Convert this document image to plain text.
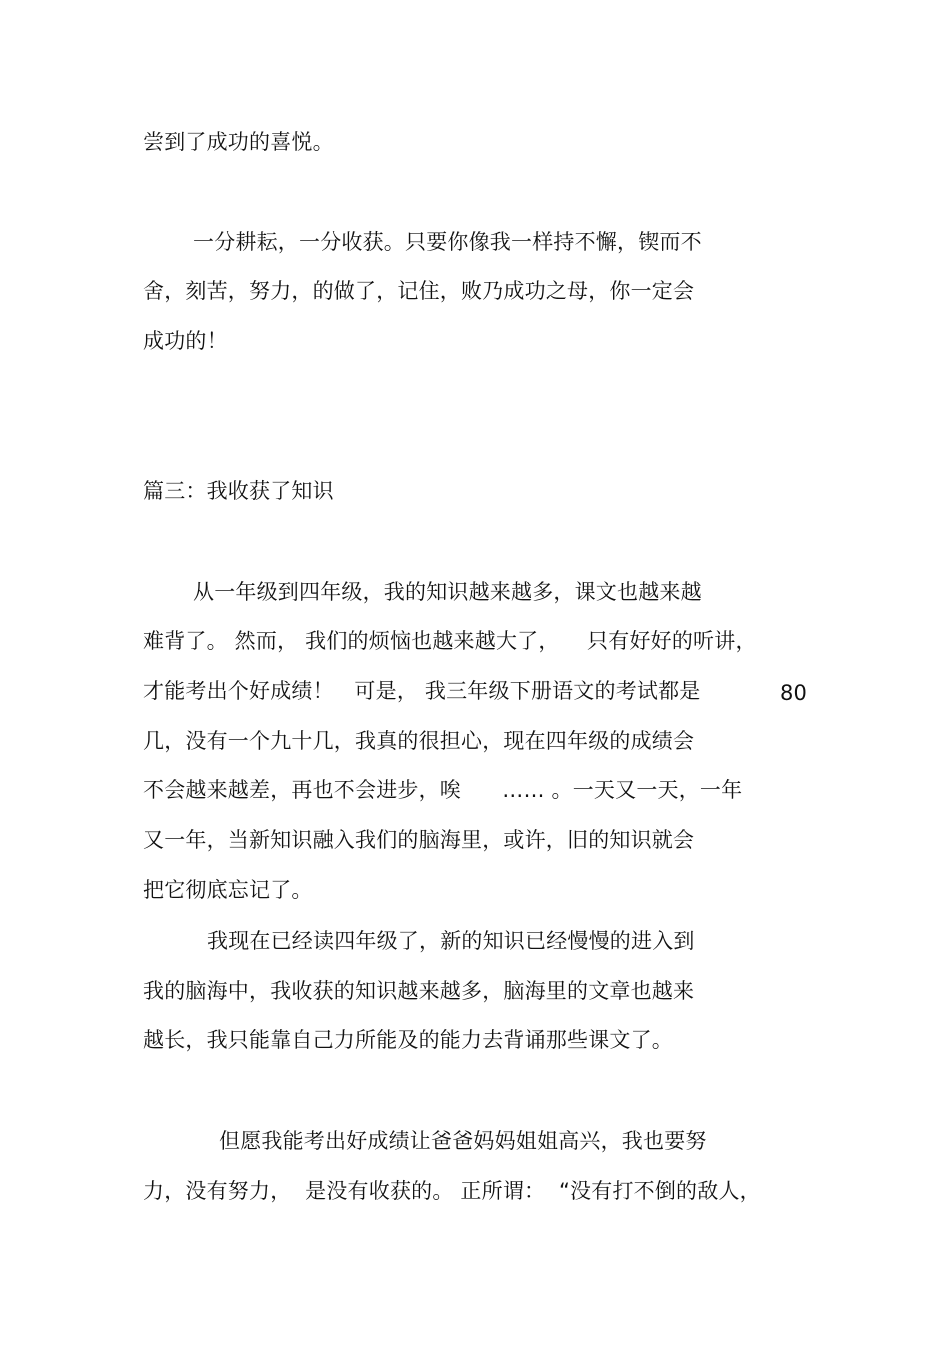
尝到了成功的喜悦。

一分耕耘，一分收获。只要你像我一样持不懈，锲而不

舍，刻苦，努力，的做了，记住，败乃成功之母，你一定会

成功的！

篇三：我收获了知识

从一年级到四年级，我的知识越来越多，课文也越来越

难背了。 然而， 我们的烦恼也越来越大了，    只有好好的听讲，

才能考出个好成绩！   可是， 我三年级下册语文的考试都是	80

几，没有一个九十几，我真的很担心，现在四年级的成绩会

不会越来越差，再也不会进步，唉      …… 。一天又一天，一年

又一年，当新知识融入我们的脑海里，或许，旧的知识就会

把它彻底忘记了。

我现在已经读四年级了，新的知识已经慢慢的进入到

我的脑海中，我收获的知识越来越多，脑海里的文章也越来

越长，我只能靠自己力所能及的能力去背诵那些课文了。

但愿我能考出好成绩让爸爸妈妈姐姐高兴，我也要努

力，没有努力，  是没有收获的。 正所谓：  “没有打不倒的敌人，
